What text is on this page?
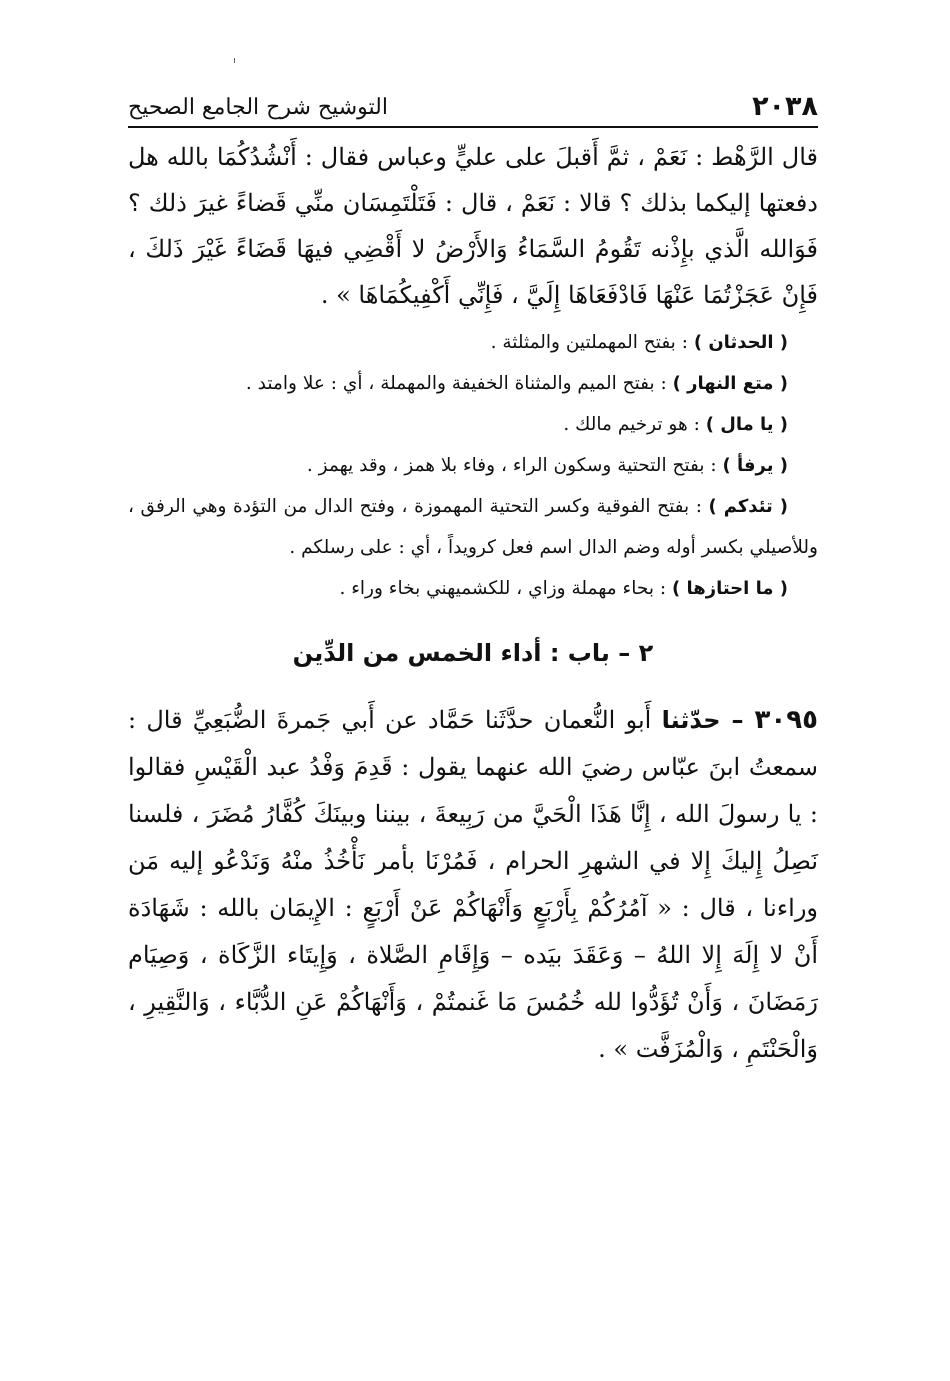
٢٠٣٨
التوشيح شرح الجامع الصحيح

قال الرَّهْط : نَعَمْ ، ثمَّ أَقبلَ على عليٍّ وعباس فقال : أَنْشُدُكُمَا بالله هل دفعتها إليكما بذلك ؟ قالا : نَعَمْ ، قال : فَتَلْتَمِسَان منِّي قَضاءً غيرَ ذلك ؟ فَوَالله الَّذي بإِذْنه تَقُومُ السَّمَاءُ وَالأَرْضُ لا أَقْضِي فيهَا قَضَاءً غَيْرَ ذَلكَ ، فَإِنْ عَجَزْتُمَا عَنْهَا فَادْفَعَاهَا إِلَيَّ ، فَإِنِّي أَكْفِيكُمَاهَا » .

( الحدثان ) : بفتح المهملتين والمثلثة .

( متع النهار ) : بفتح الميم والمثناة الخفيفة والمهملة ، أي : علا وامتد .

( يا مال ) : هو ترخيم مالك .

( يرفأ ) : بفتح التحتية وسكون الراء ، وفاء بلا همز ، وقد يهمز .

( تئدكم ) : بفتح الفوقية وكسر التحتية المهموزة ، وفتح الدال من التؤدة وهي الرفق ، وللأصيلي بكسر أوله وضم الدال اسم فعل كرويداً ، أي : على رسلكم .

( ما احتازها ) : بحاء مهملة وزاي ، للكشميهني بخاء وراء .

٢ – باب : أداء الخمس من الدِّين

٣٠٩٥ – حدّثنا أَبو النُّعمان حدَّثَنا حَمَّاد عن أَبي جَمرةَ الضُّبَعِيِّ قال : سمعتُ ابنَ عبّاس رضيَ الله عنهما يقول : قَدِمَ وَفْدُ عبد الْقَيْسِ فقالوا : يا رسولَ الله ، إِنَّا هَذَا الْحَيَّ من رَبِيعةَ ، بيننا وبينَكَ كُفَّارُ مُضَرَ ، فلسنا نَصِلُ إِليكَ إِلا في الشهرِ الحرام ، فَمُرْنَا بأمر نَأْخُذُ منْهُ وَنَدْعُو إليه مَن وراءنا ، قال : « آمُرُكُمْ بِأَرْبَعٍ وَأَنْهَاكُمْ عَنْ أَرْبَعٍ : الإِيمَان بالله : شَهَادَة أَنْ لا إِلَهَ إِلا اللهُ – وَعَقَدَ بيَده – وَإِقَامِ الصَّلاة ، وَإِيتَاء الزَّكَاة ، وَصِيَام رَمَضَانَ ، وَأَنْ تُؤَدُّوا لله خُمُسَ مَا غَنمتُمْ ، وَأَنْهَاكُمْ عَنِ الدُّبَّاء ، وَالنَّقِيرِ ، وَالْحَنْتَمِ ، وَالْمُزَفَّت » .
